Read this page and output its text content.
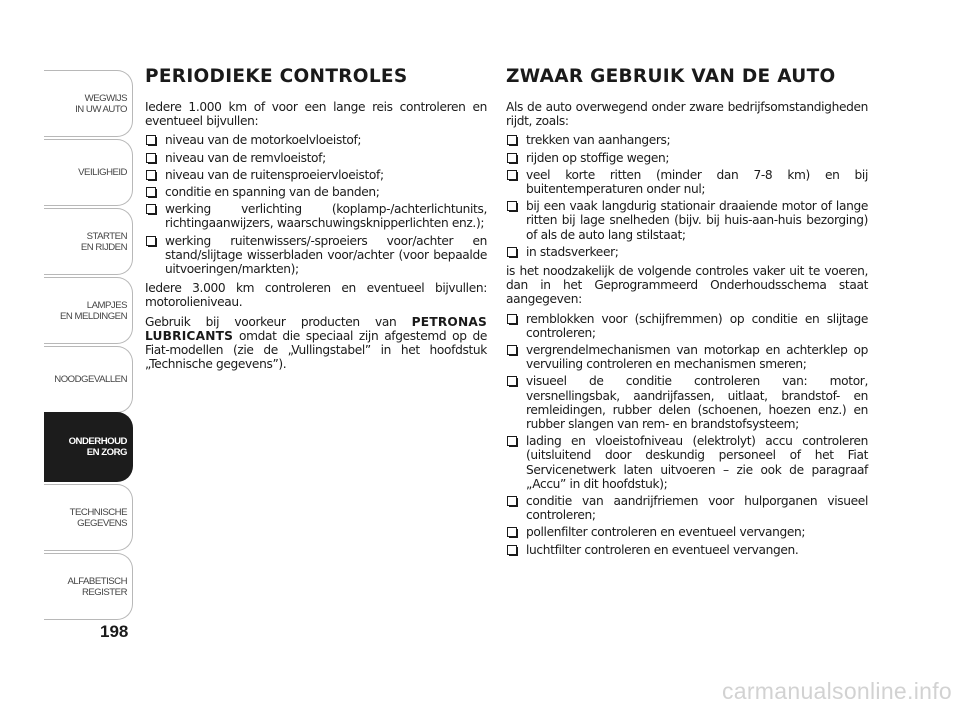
WEGWIJS
IN UW AUTO
VEILIGHEID
STARTEN
EN RIJDEN
LAMPJES
EN MELDINGEN
NOODGEVALLEN
ONDERHOUD
EN ZORG
TECHNISCHE
GEGEVENS
ALFABETISCH
REGISTER
198
PERIODIEKE CONTROLES

Iedere 1.000 km of voor een lange reis controleren en eventueel bijvullen:

niveau van de motorkoelvloeistof;
niveau van de remvloeistof;
niveau van de ruitensproeiervloeistof;
conditie en spanning van de banden;
werking verlichting (koplamp-/achterlichtunits, richtingaanwijzers, waarschuwingsknipperlichten enz.);
werking ruitenwissers/-sproeiers voor/achter en stand/slijtage wisserbladen voor/achter (voor bepaalde uitvoeringen/markten);

Iedere 3.000 km controleren en eventueel bijvullen: motorolieniveau.

Gebruik bij voorkeur producten van PETRONAS LUBRICANTS omdat die speciaal zijn afgestemd op de Fiat-modellen (zie de „Vullingstabel” in het hoofdstuk „Technische gegevens”).

ZWAAR GEBRUIK VAN DE AUTO

Als de auto overwegend onder zware bedrijfsomstandigheden rijdt, zoals:

trekken van aanhangers;
rijden op stoffige wegen;
veel korte ritten (minder dan 7-8 km) en bij buitentemperaturen onder nul;
bij een vaak langdurig stationair draaiende motor of lange ritten bij lage snelheden (bijv. bij huis-aan-huis bezorging) of als de auto lang stilstaat;
in stadsverkeer;

is het noodzakelijk de volgende controles vaker uit te voeren, dan in het Geprogrammeerd Onderhoudsschema staat aangegeven:

remblokken voor (schijfremmen) op conditie en slijtage controleren;
vergrendelmechanismen van motorkap en achterklep op vervuiling controleren en mechanismen smeren;
visueel de conditie controleren van: motor, versnellingsbak, aandrijfassen, uitlaat, brandstof- en remleidingen, rubber delen (schoenen, hoezen enz.) en rubber slangen van rem- en brandstofsysteem;
lading en vloeistofniveau (elektrolyt) accu controleren (uitsluitend door deskundig personeel of het Fiat Servicenetwerk laten uitvoeren – zie ook de paragraaf „Accu” in dit hoofdstuk);
conditie van aandrijfriemen voor hulporganen visueel controleren;
pollenfilter controleren en eventueel vervangen;
luchtfilter controleren en eventueel vervangen.
carmanualsonline.info
